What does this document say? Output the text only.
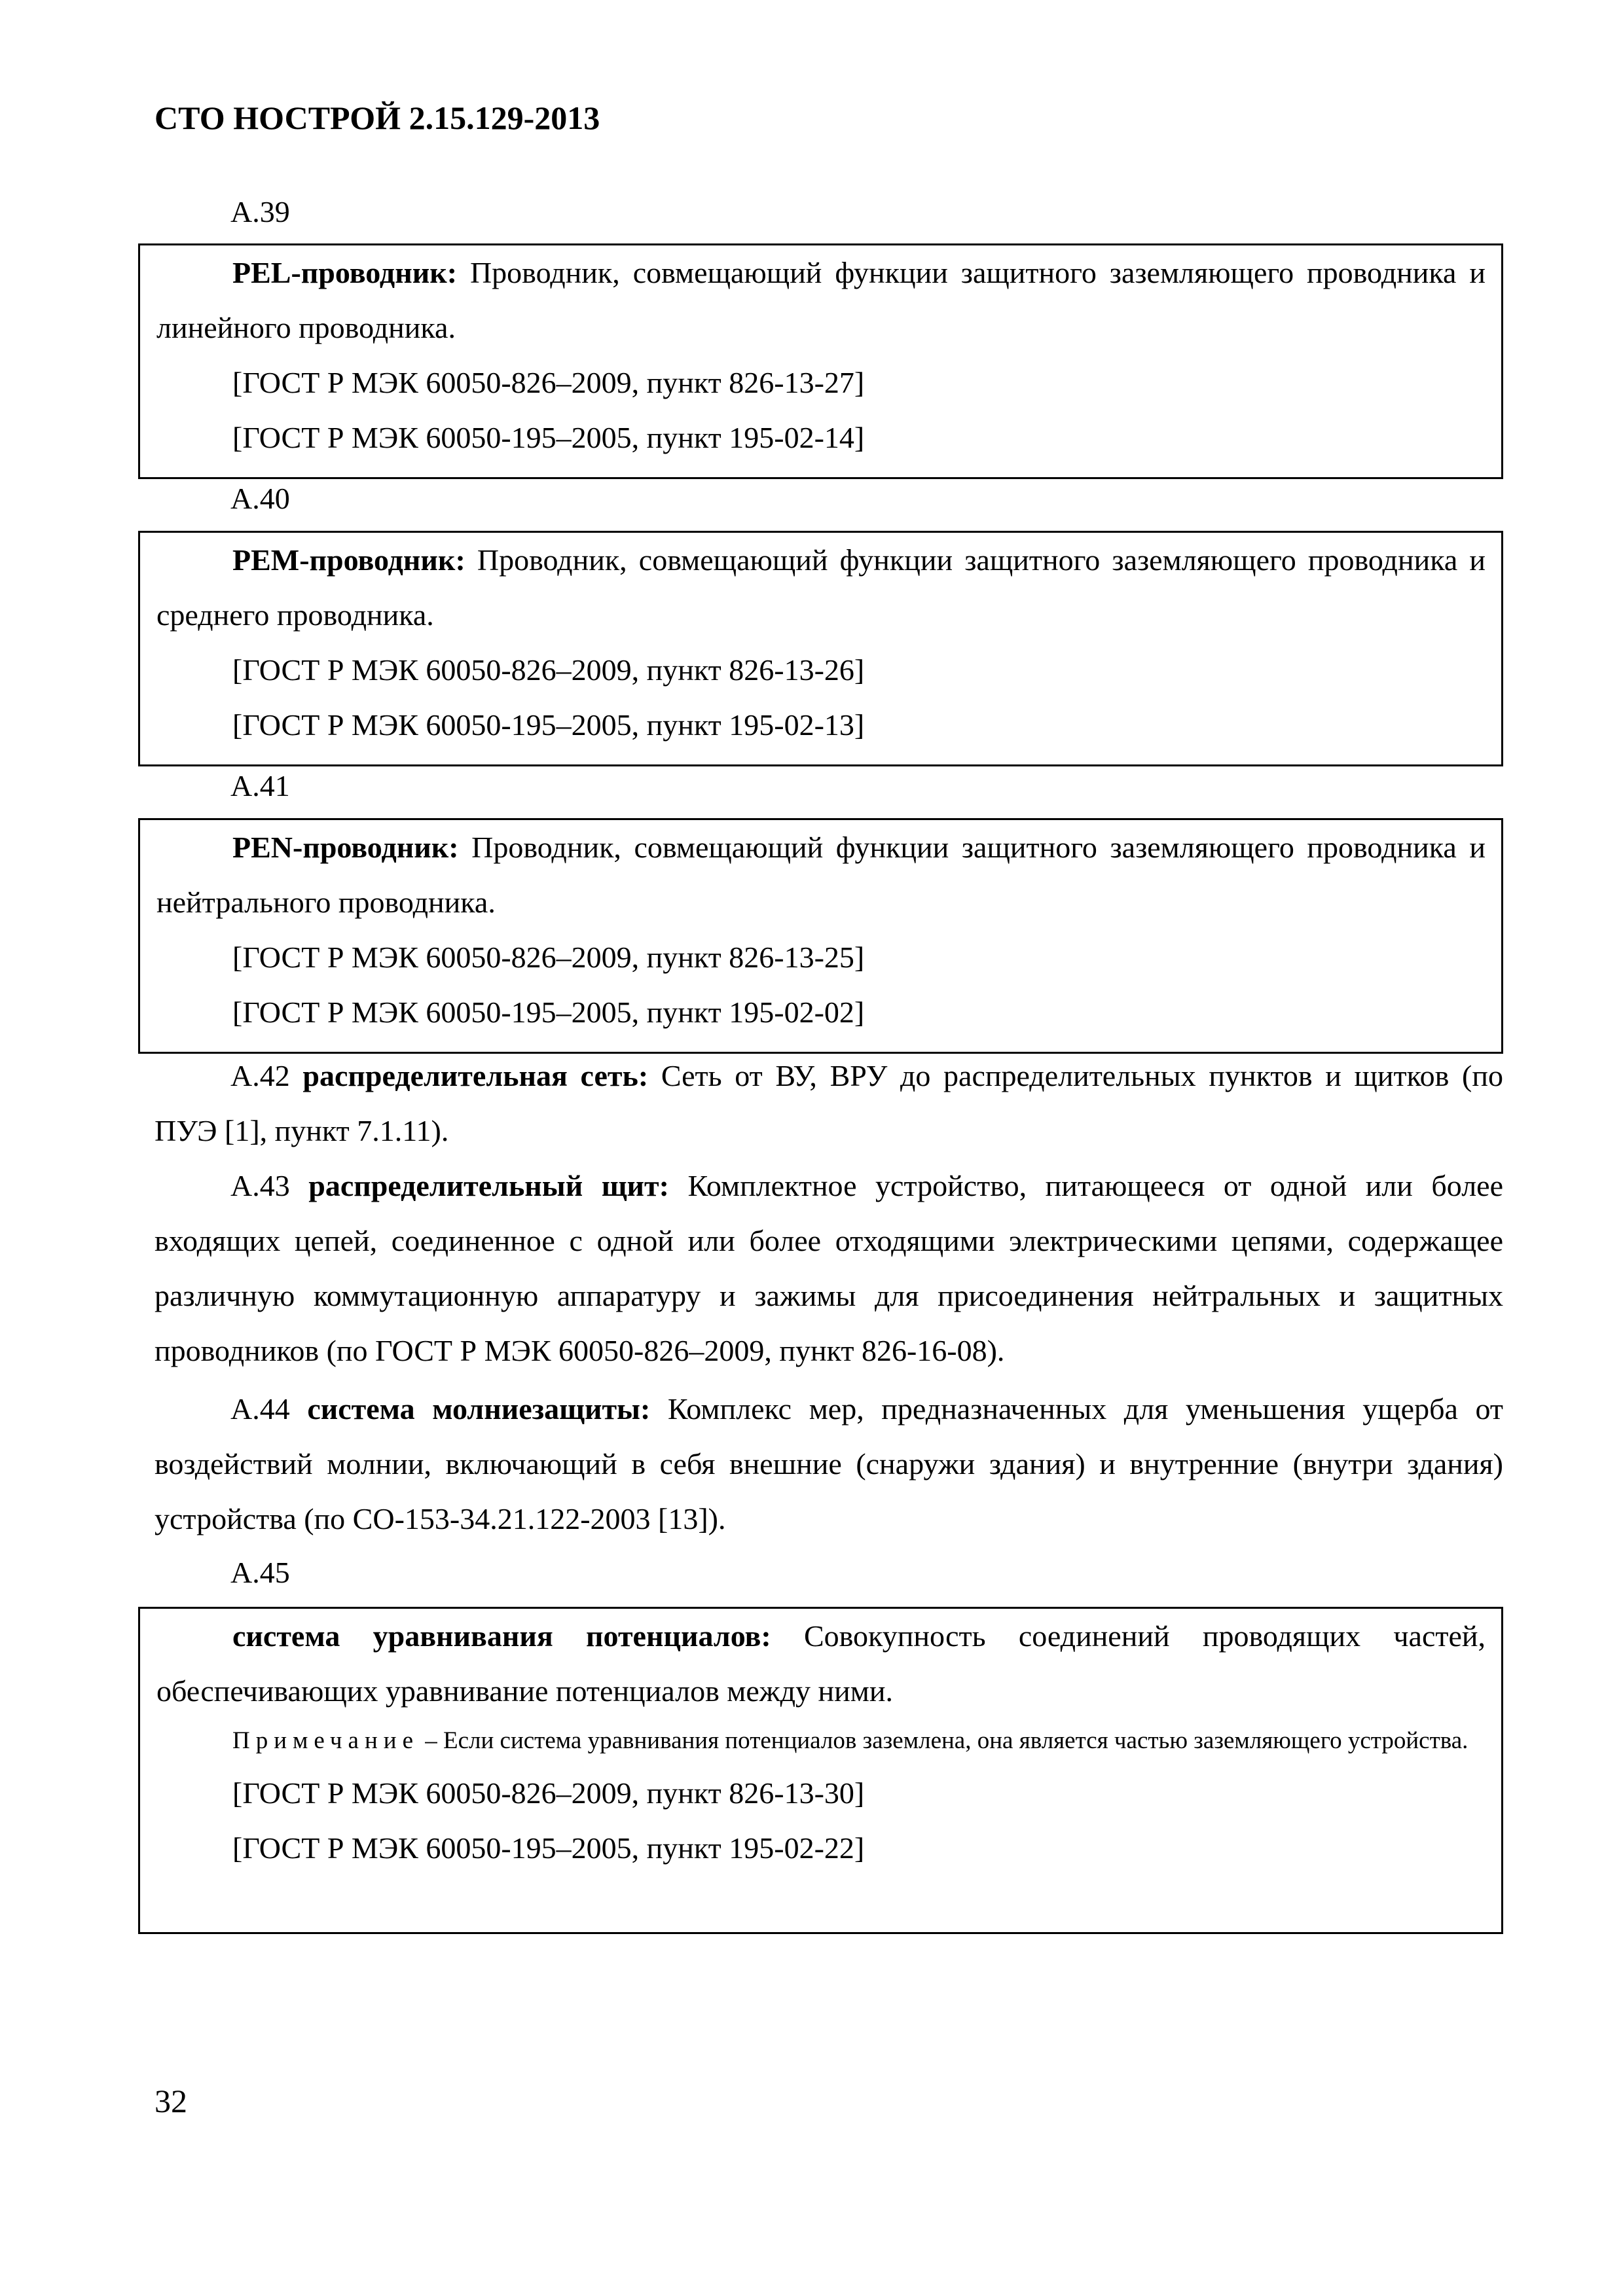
СТО НОСТРОЙ 2.15.129-2013
А.39

PEL-проводник: Проводник, совмещающий функции защитного заземляющего проводника и линейного проводника.

[ГОСТ Р МЭК 60050-826–2009, пункт 826-13-27]

[ГОСТ Р МЭК 60050-195–2005, пункт 195-02-14]

А.40

PEM-проводник: Проводник, совмещающий функции защитного заземляющего проводника и среднего проводника.

[ГОСТ Р МЭК 60050-826–2009, пункт 826-13-26]

[ГОСТ Р МЭК 60050-195–2005, пункт 195-02-13]

А.41

PEN-проводник: Проводник, совмещающий функции защитного заземляющего проводника и нейтрального проводника.

[ГОСТ Р МЭК 60050-826–2009, пункт 826-13-25]

[ГОСТ Р МЭК 60050-195–2005, пункт 195-02-02]

А.42 распределительная сеть: Сеть от ВУ, ВРУ до распределительных пунктов и щитков (по ПУЭ [1], пункт 7.1.11).

А.43 распределительный щит: Комплектное устройство, питающееся от одной или более входящих цепей, соединенное с одной или более отходящими электрическими цепями, содержащее различную коммутационную аппаратуру и зажимы для присоединения нейтральных и защитных проводников (по ГОСТ Р МЭК 60050-826–2009, пункт 826-16-08).

А.44 система молниезащиты: Комплекс мер, предназначенных для уменьшения ущерба от воздействий молнии, включающий в себя внешние (снаружи здания) и внутренние (внутри здания) устройства (по СО-153-34.21.122-2003 [13]).

А.45

система уравнивания потенциалов: Совокупность соединений проводящих частей, обеспечивающих уравнивание потенциалов между ними.

Примечание – Если система уравнивания потенциалов заземлена, она является частью заземляющего устройства.

[ГОСТ Р МЭК 60050-826–2009, пункт 826-13-30]

[ГОСТ Р МЭК 60050-195–2005, пункт 195-02-22]

32
